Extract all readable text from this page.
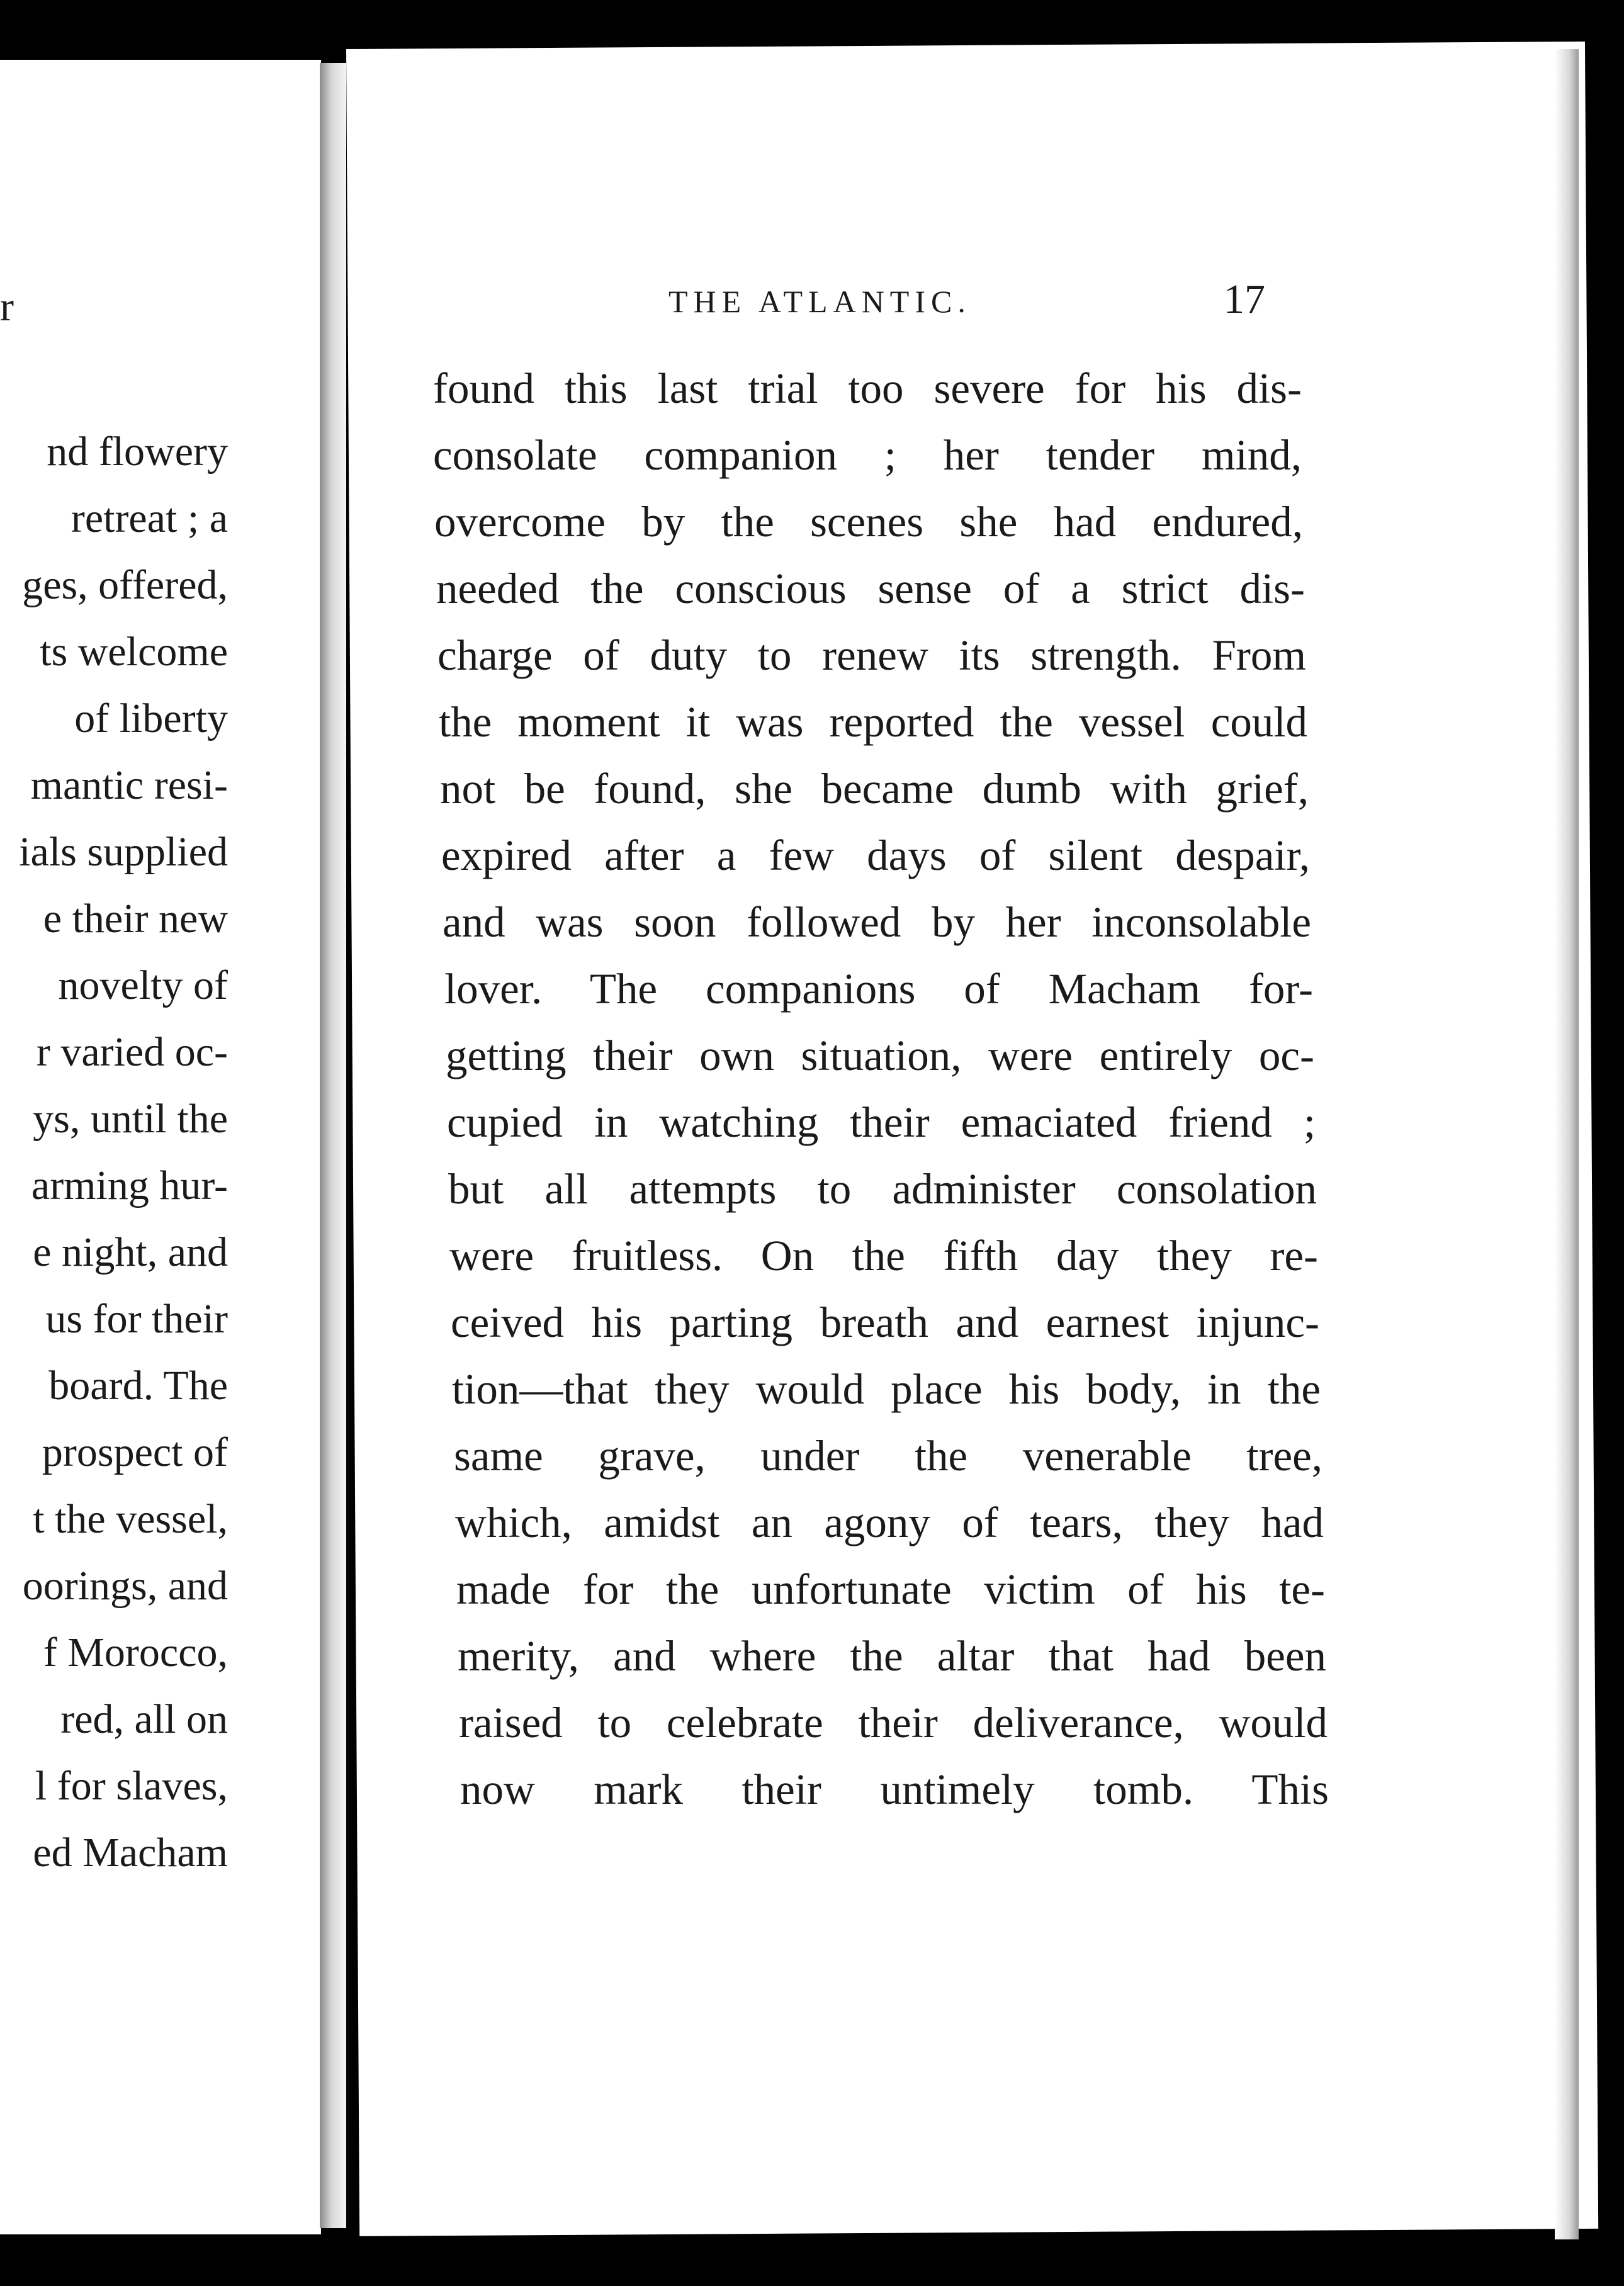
r
nd flowery
retreat ; a
ges, offered,
ts welcome
of liberty
mantic resi-
ials supplied
e their new
novelty of
r varied oc-
ys, until the
arming hur-
e night, and
us for their
board. The
prospect of
t the vessel,
oorings, and
f Morocco,
red, all on
l for slaves,
ed Macham
THE ATLANTIC.	17
found this last trial too severe for his dis-
consolate companion ; her tender mind,
overcome by the scenes she had endured,
needed the conscious sense of a strict dis-
charge of duty to renew its strength. From
the moment it was reported the vessel could
not be found, she became dumb with grief,
expired after a few days of silent despair,
and was soon followed by her inconsolable
lover. The companions of Macham for-
getting their own situation, were entirely oc-
cupied in watching their emaciated friend ;
but all attempts to administer consolation
were fruitless. On the fifth day they re-
ceived his parting breath and earnest injunc-
tion—that they would place his body, in the
same grave, under the venerable tree,
which, amidst an agony of tears, they had
made for the unfortunate victim of his te-
merity, and where the altar that had been
raised to celebrate their deliverance, would
now mark their untimely tomb. This
